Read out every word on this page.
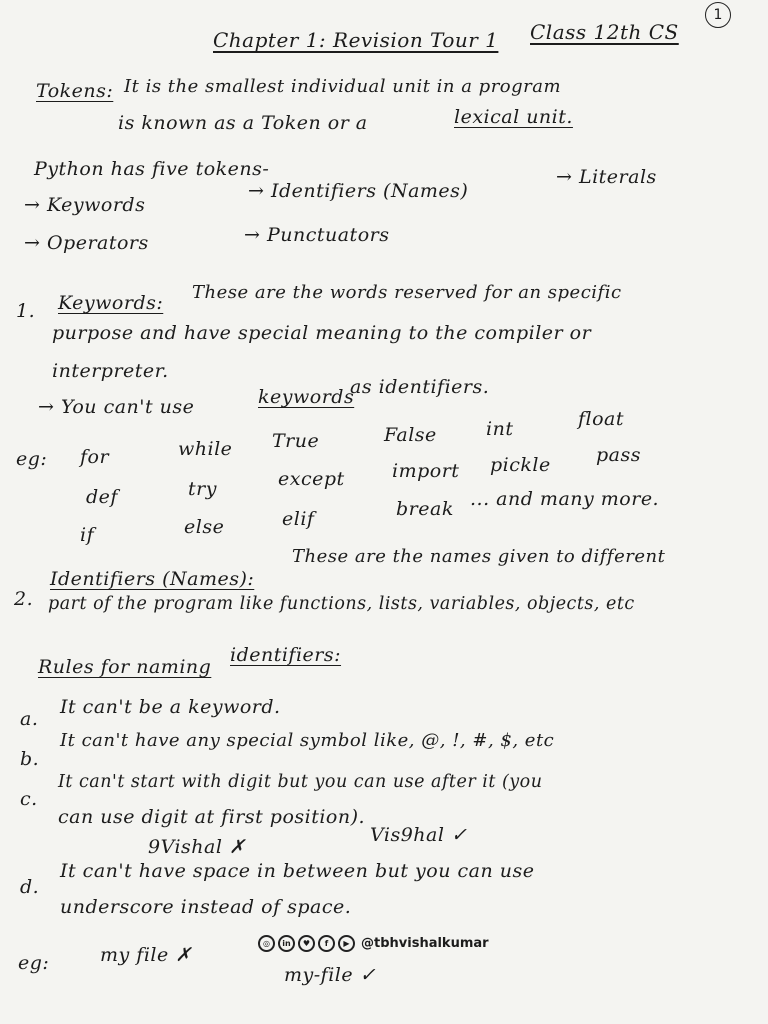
1
Chapter 1: Revision Tour 1 Class 12th CS
Tokens: It is the smallest individual unit in a program
is known as a Token or a	lexical unit.
Python has five tokens-
→ Keywords
→ Identifiers (Names)
→ Literals
→ Operators	→ Punctuators
1. Keywords: These are the words reserved for an specific
purpose and have special meaning to the compiler or
interpreter.
→ You can't use	keywords
as identifiers.
eg: for	while True	False	int	float
def	try	except import pickle pass
if	else	elif	break ... and many more.
2.
Identifiers (Names):
These are the names given to different
part of the program like functions, lists, variables, objects, etc
Rules for naming
identifiers:
a.
It can't be a keyword.
b.
It can't have any special symbol like, @, !, #, $, etc
c.
It can't start with digit but you can use after it (you
can use digit at first position).
9Vishal ✗
Vis9hal ✓
d.
It can't have space in between but you can use
underscore instead of space.
eg:	my file ✗
my-file ✓
◎	in	♥	f	▶ @tbhvishalkumar
